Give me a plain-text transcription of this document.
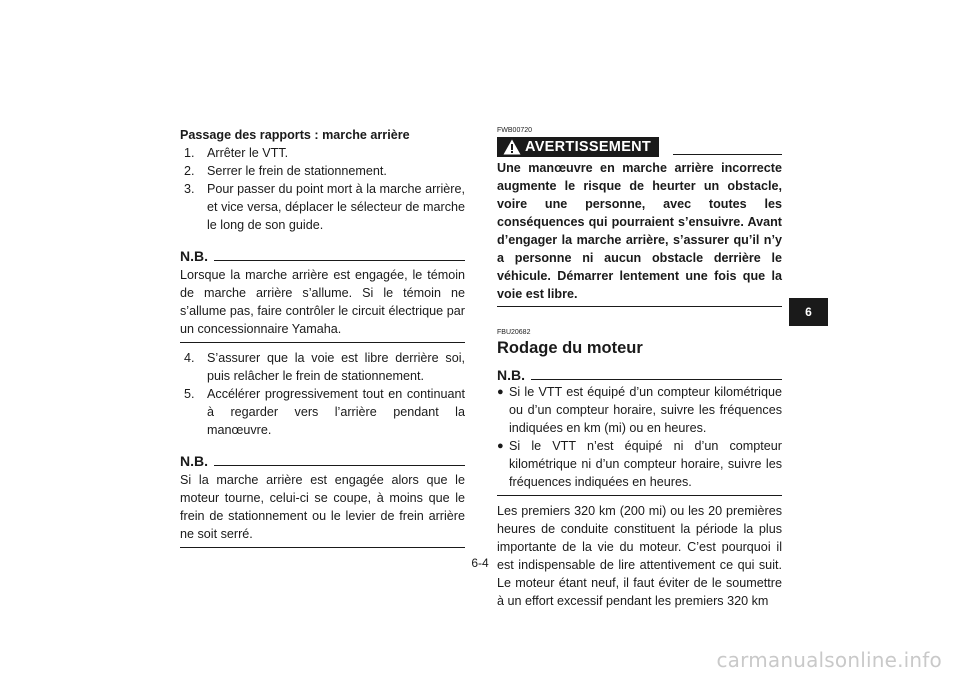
Passage des rapports : marche arrière
1. Arrêter le VTT.
2. Serrer le frein de stationnement.
3. Pour passer du point mort à la marche arrière, et vice versa, déplacer le sélecteur de marche le long de son guide.
N.B.
Lorsque la marche arrière est engagée, le témoin de marche arrière s’allume. Si le témoin ne s’allume pas, faire contrôler le circuit électrique par un concessionnaire Yamaha.
4. S’assurer que la voie est libre derrière soi, puis relâcher le frein de stationnement.
5. Accélérer progressivement tout en continuant à regarder vers l’arrière pendant la manœuvre.
N.B.
Si la marche arrière est engagée alors que le moteur tourne, celui-ci se coupe, à moins que le frein de stationnement ou le levier de frein arrière ne soit serré.
FWB00720
AVERTISSEMENT
Une manœuvre en marche arrière incorrecte augmente le risque de heurter un obstacle, voire une personne, avec toutes les conséquences qui pourraient s’ensuivre. Avant d’engager la marche arrière, s’assurer qu’il n’y a personne ni aucun obstacle derrière le véhicule. Démarrer lentement une fois que la voie est libre.
FBU20682
Rodage du moteur
N.B.
● Si le VTT est équipé d’un compteur kilométrique ou d’un compteur horaire, suivre les fréquences indiquées en km (mi) ou en heures.
● Si le VTT n’est équipé ni d’un compteur kilométrique ni d’un compteur horaire, suivre les fréquences indiquées en heures.
Les premiers 320 km (200 mi) ou les 20 premières heures de conduite constituent la période la plus importante de la vie du moteur. C’est pourquoi il est indispensable de lire attentivement ce qui suit. Le moteur étant neuf, il faut éviter de le soumettre à un effort excessif pendant les premiers 320 km
6
6-4
carmanualsonline.info
